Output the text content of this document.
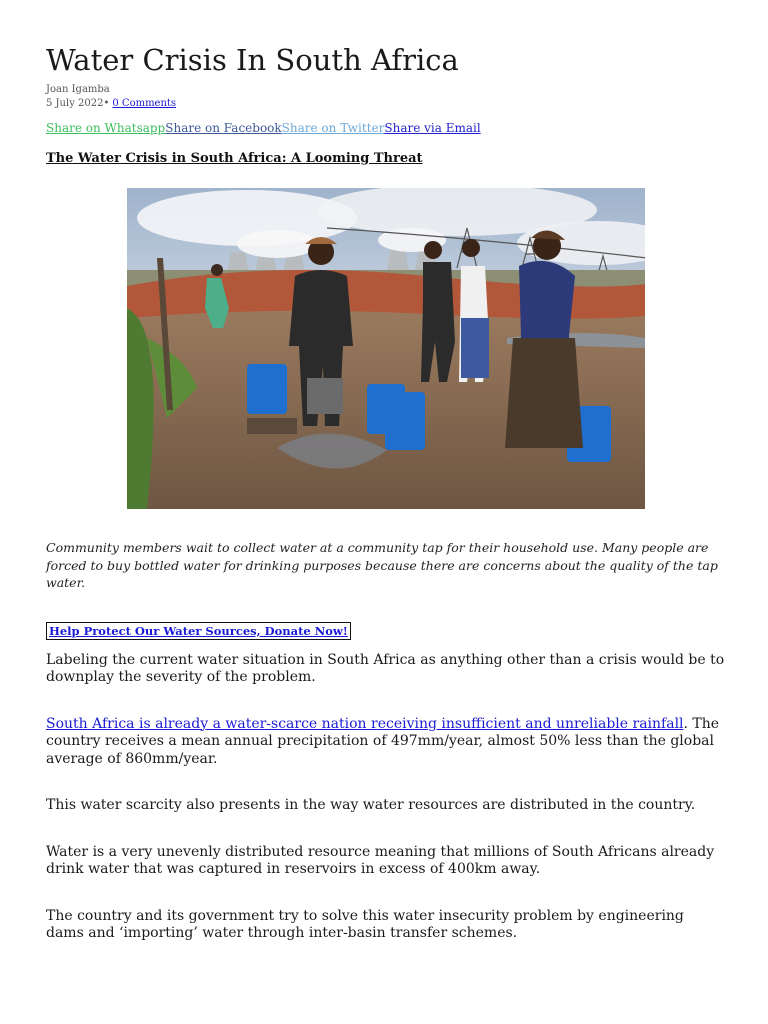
Water Crisis In South Africa
Joan Igamba
5 July 2022• 0 Comments
Share on WhatsappShare on FacebookShare on TwitterShare via Email
The Water Crisis in South Africa: A Looming Threat

Community members wait to collect water at a community tap for their household use. Many people are forced to buy bottled water for drinking purposes because there are concerns about the quality of the tap water.

Help Protect Our Water Sources, Donate Now!

Labeling the current water situation in South Africa as anything other than a crisis would be to downplay the severity of the problem.

South Africa is already a water-scarce nation receiving insufficient and unreliable rainfall. The country receives a mean annual precipitation of 497mm/year, almost 50% less than the global average of 860mm/year.

This water scarcity also presents in the way water resources are distributed in the country.

Water is a very unevenly distributed resource meaning that millions of South Africans already drink water that was captured in reservoirs in excess of 400km away.

The country and its government try to solve this water insecurity problem by engineering dams and ‘importing’ water through inter-basin transfer schemes.
